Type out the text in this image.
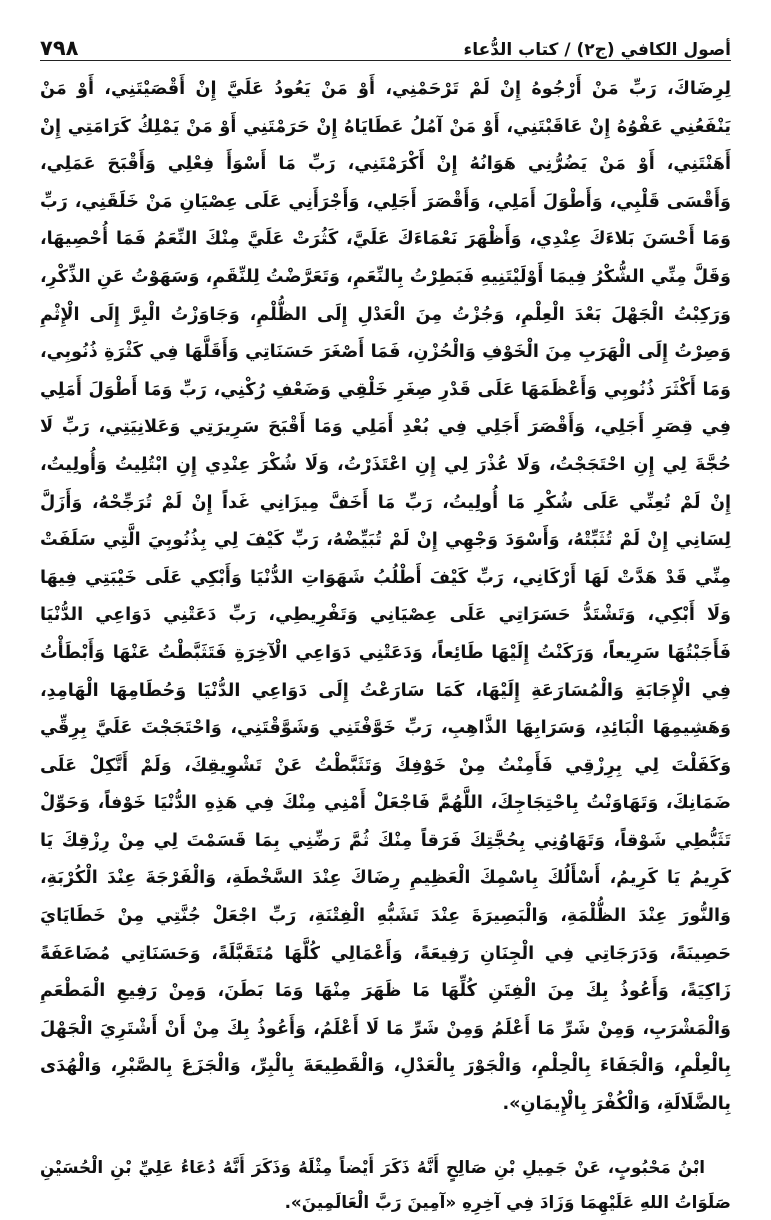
أصول الكافي (ج٢) / كتاب الدُّعاء
٧٩٨

لِرِضَاكَ، رَبِّ مَنْ أَرْجُوهُ إِنْ لَمْ تَرْحَمْنِي، أَوْ مَنْ يَعُودُ عَلَيَّ إِنْ أَقْصَيْتَنِي، أَوْ مَنْ يَنْفَعُنِي عَفْوُهُ إِنْ عَاقَبْتَنِي، أَوْ مَنْ آمُلُ عَطَايَاهُ إِنْ حَرَمْتَنِي أَوْ مَنْ يَمْلِكُ كَرَامَتِي إِنْ أَهَنْتَنِي، أَوْ مَنْ يَضُرُّنِي هَوَانُهُ إِنْ أَكْرَمْتَنِي، رَبِّ مَا أَسْوَأَ فِعْلِي وَأَقْبَحَ عَمَلِي، وَأَقْسَى قَلْبِي، وَأَطْوَلَ أَمَلِي، وَأَقْصَرَ أَجَلِي، وَأَجْرَأَنِي عَلَى عِصْيَانِ مَنْ خَلَقَنِي، رَبِّ وَمَا أَحْسَنَ بَلاءَكَ عِنْدِي، وَأَظْهَرَ نَعْمَاءَكَ عَلَيَّ، كَثُرَتْ عَلَيَّ مِنْكَ النِّعَمُ فَمَا أُحْصِيهَا، وَقَلَّ مِنِّي الشُّكْرُ فِيمَا أَوْلَيْتَنِيهِ فَبَطِرْتُ بِالنِّعَمِ، وَتَعَرَّضْتُ لِلنِّقَمِ، وَسَهَوْتُ عَنِ الذِّكْرِ، وَرَكِبْتُ الْجَهْلَ بَعْدَ الْعِلْمِ، وَجُزْتُ مِنَ الْعَدْلِ إِلَى الظُّلْمِ، وَجَاوَزْتُ الْبِرَّ إِلَى الْإِثْمِ وَصِرْتُ إِلَى الْهَرَبِ مِنَ الْخَوْفِ وَالْحُزْنِ، فَمَا أَصْغَرَ حَسَنَاتِي وَأَقَلَّهَا فِي كَثْرَةِ ذُنُوبِي، وَمَا أَكْثَرَ ذُنُوبِي وَأَعْظَمَهَا عَلَى قَدْرِ صِغَرِ خَلْقِي وَضَعْفِ رُكْنِي، رَبِّ وَمَا أَطْوَلَ أَمَلِي فِي قِصَرِ أَجَلِي، وَأَقْصَرَ أَجَلِي فِي بُعْدِ أَمَلِي وَمَا أَقْبَحَ سَرِيرَتِي وَعَلانِيَتِي، رَبِّ لَا حُجَّةَ لِي إِنِ احْتَجَجْتُ، وَلَا عُذْرَ لِي إِنِ اعْتَذَرْتُ، وَلَا شُكْرَ عِنْدِي إِنِ ابْتُلِيتُ وَأُولِيتُ، إِنْ لَمْ تُعِنِّي عَلَى شُكْرِ مَا أُولِيتُ، رَبِّ مَا أَخَفَّ مِيزَانِي غَداً إِنْ لَمْ تُرَجِّحْهُ، وَأَزَلَّ لِسَانِي إِنْ لَمْ تُثَبِّتْهُ، وَأَسْوَدَ وَجْهِي إِنْ لَمْ تُبَيِّضْهُ، رَبِّ كَيْفَ لِي بِذُنُوبِيَ الَّتِي سَلَفَتْ مِنِّي قَدْ هَدَّتْ لَهَا أَرْكَانِي، رَبِّ كَيْفَ أَطْلُبُ شَهَوَاتِ الدُّنْيَا وَأَبْكِي عَلَى خَيْبَتِي فِيهَا وَلَا أَبْكِي، وَتَشْتَدُّ حَسَرَاتِي عَلَى عِصْيَانِي وَتَفْرِيطِي، رَبِّ دَعَتْنِي دَوَاعِي الدُّنْيَا فَأَجَبْتُهَا سَرِيعاً، وَرَكَنْتُ إِلَيْهَا طَائِعاً، وَدَعَتْنِي دَوَاعِي الْآخِرَةِ فَتَثَبَّطْتُ عَنْهَا وَأَبْطَأْتُ فِي الْإِجَابَةِ وَالْمُسَارَعَةِ إِلَيْهَا، كَمَا سَارَعْتُ إِلَى دَوَاعِي الدُّنْيَا وَحُطَامِهَا الْهَامِدِ، وَهَشِيمِهَا الْبَائِدِ، وَسَرَابِهَا الذَّاهِبِ، رَبِّ خَوَّفْتَنِي وَشَوَّقْتَنِي، وَاحْتَجَجْتَ عَلَيَّ بِرِقِّي وَكَفَلْتَ لِي بِرِزْقِي فَأَمِنْتُ مِنْ خَوْفِكَ وَتَثَبَّطْتُ عَنْ تَشْوِيقِكَ، وَلَمْ أَتَّكِلْ عَلَى ضَمَانِكَ، وَتَهَاوَنْتُ بِاحْتِجَاجِكَ، اللَّهُمَّ فَاجْعَلْ أَمْنِي مِنْكَ فِي هَذِهِ الدُّنْيَا خَوْفاً، وَحَوِّلْ تَثَبُّطِي شَوْقاً، وَتَهَاوُنِي بِحُجَّتِكَ فَرَقاً مِنْكَ ثُمَّ رَضِّنِي بِمَا قَسَمْتَ لِي مِنْ رِزْقِكَ يَا كَرِيمُ يَا كَرِيمُ، أَسْأَلُكَ بِاسْمِكَ الْعَظِيمِ رِضَاكَ عِنْدَ السَّخْطَةِ، وَالْفَرْجَةَ عِنْدَ الْكُرْبَةِ، وَالنُّورَ عِنْدَ الظُّلْمَةِ، وَالْبَصِيرَةَ عِنْدَ تَشَبُّهِ الْفِتْنَةِ، رَبِّ اجْعَلْ جُنَّتِي مِنْ خَطَايَايَ حَصِينَةً، وَدَرَجَاتِي فِي الْجِنَانِ رَفِيعَةً، وَأَعْمَالِي كُلَّهَا مُتَقَبَّلَةً، وَحَسَنَاتِي مُضَاعَفَةً زَاكِيَةً، وَأَعُوذُ بِكَ مِنَ الْفِتَنِ كُلِّهَا مَا ظَهَرَ مِنْهَا وَمَا بَطَنَ، وَمِنْ رَفِيعِ الْمَطْعَمِ وَالْمَشْرَبِ، وَمِنْ شَرِّ مَا أَعْلَمُ وَمِنْ شَرِّ مَا لَا أَعْلَمُ، وَأَعُوذُ بِكَ مِنْ أَنْ أَشْتَرِيَ الْجَهْلَ بِالْعِلْمِ، وَالْجَفَاءَ بِالْحِلْمِ، وَالْجَوْرَ بِالْعَدْلِ، وَالْقَطِيعَةَ بِالْبِرِّ، وَالْجَزَعَ بِالصَّبْرِ، وَالْهُدَى بِالضَّلَالَةِ، وَالْكُفْرَ بِالْإِيمَانِ».

ابْنُ مَحْبُوبٍ، عَنْ جَمِيلِ بْنِ صَالِحٍ أَنَّهُ ذَكَرَ أَيْضاً مِثْلَهُ وَذَكَرَ أَنَّهُ دُعَاءُ عَلِيِّ بْنِ الْحُسَيْنِ صَلَوَاتُ اللهِ عَلَيْهِمَا وَزَادَ فِي آخِرِهِ «آمِينَ رَبَّ الْعَالَمِينَ».
